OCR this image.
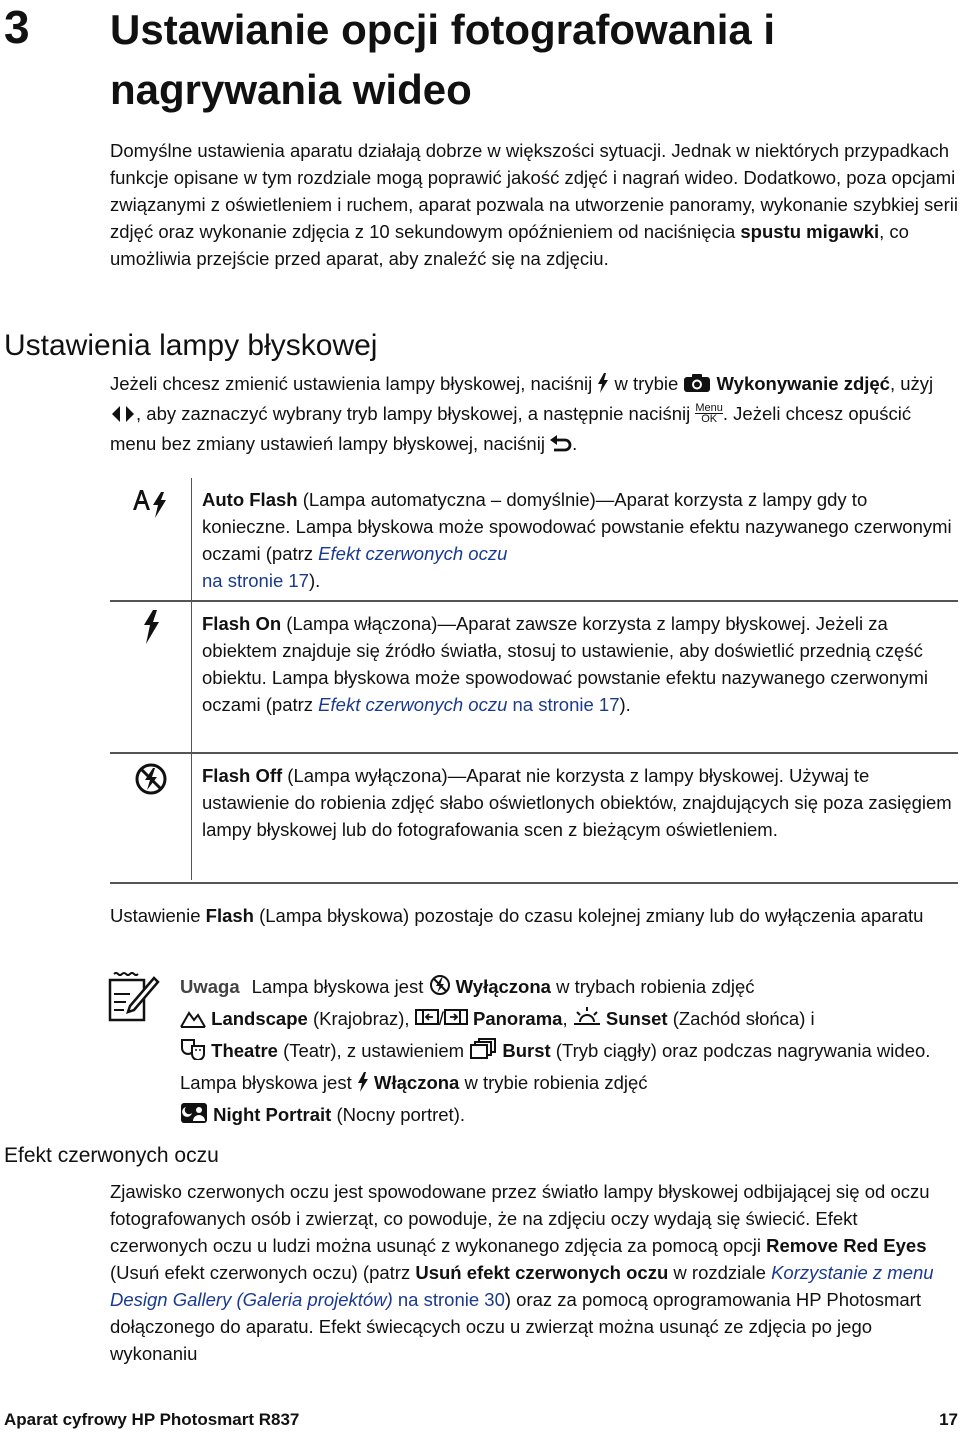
3 Ustawianie opcji fotografowania i nagrywania wideo

Domyślne ustawienia aparatu działają dobrze w większości sytuacji. Jednak w niektórych przypadkach funkcje opisane w tym rozdziale mogą poprawić jakość zdjęć i nagrań wideo. Dodatkowo, poza opcjami związanymi z oświetleniem i ruchem, aparat pozwala na utworzenie panoramy, wykonanie szybkiej serii zdjęć oraz wykonanie zdjęcia z 10 sekundowym opóźnieniem od naciśnięcia spustu migawki, co umożliwia przejście przed aparat, aby znaleźć się na zdjęciu.

Ustawienia lampy błyskowej

Jeżeli chcesz zmienić ustawienia lampy błyskowej, naciśnij w trybie Wykonywanie zdjęć, użyj , aby zaznaczyć wybrany tryb lampy błyskowej, a następnie naciśnij Menu
OK . Jeżeli chcesz opuścić menu bez zmiany ustawień lampy błyskowej, naciśnij .

Auto Flash (Lampa automatyczna – domyślnie)—Aparat korzysta z lampy gdy to konieczne. Lampa błyskowa może spowodować powstanie efektu nazywanego czerwonymi oczami (patrz Efekt czerwonych oczu
na stronie 17).
Flash On (Lampa włączona)—Aparat zawsze korzysta z lampy błyskowej. Jeżeli za obiektem znajduje się źródło światła, stosuj to ustawienie, aby doświetlić przednią część obiektu. Lampa błyskowa może spowodować powstanie efektu nazywanego czerwonymi oczami (patrz Efekt czerwonych oczu na stronie 17).
Flash Off (Lampa wyłączona)—Aparat nie korzysta z lampy błyskowej. Używaj te ustawienie do robienia zdjęć słabo oświetlonych obiektów, znajdujących się poza zasięgiem lampy błyskowej lub do fotografowania scen z bieżącym oświetleniem.

Ustawienie Flash (Lampa błyskowa) pozostaje do czasu kolejnej zmiany lub do wyłączenia aparatu

Uwaga Lampa błyskowa jest Wyłączona w trybach robienia zdjęć
Landscape (Krajobraz), / Panorama, Sunset (Zachód słońca) i
Theatre (Teatr), z ustawieniem Burst (Tryb ciągły) oraz podczas nagrywania wideo. Lampa błyskowa jest Włączona w trybie robienia zdjęć
Night Portrait (Nocny portret).

Efekt czerwonych oczu

Zjawisko czerwonych oczu jest spowodowane przez światło lampy błyskowej odbijającej się od oczu fotografowanych osób i zwierząt, co powoduje, że na zdjęciu oczy wydają się świecić. Efekt czerwonych oczu u ludzi można usunąć z wykonanego zdjęcia za pomocą opcji Remove Red Eyes (Usuń efekt czerwonych oczu) (patrz Usuń efekt czerwonych oczu w rozdziale Korzystanie z menu Design Gallery (Galeria projektów) na stronie 30) oraz za pomocą oprogramowania HP Photosmart dołączonego do aparatu. Efekt świecących oczu u zwierząt można usunąć ze zdjęcia po jego wykonaniu

Aparat cyfrowy HP Photosmart R837	17
